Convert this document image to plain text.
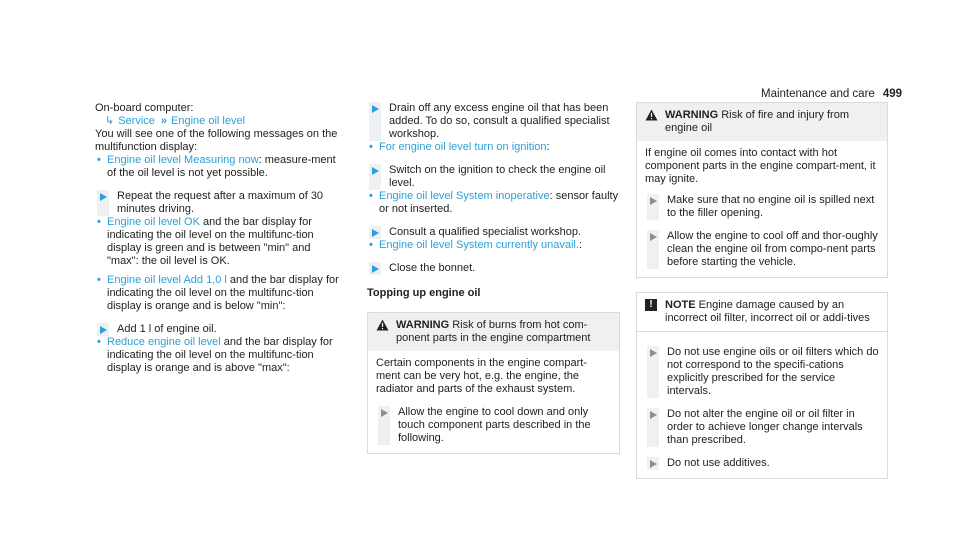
Maintenance and care 499
On-board computer:
↳ Service » Engine oil level
You will see one of the following messages on the multifunction display:
• Engine oil level Measuring now: measure-ment of the oil level is not yet possible.
Repeat the request after a maximum of 30 minutes driving.
• Engine oil level OK and the bar display for indicating the oil level on the multifunc-tion display is green and is between "min" and "max": the oil level is OK.
• Engine oil level Add 1,0 l and the bar display for indicating the oil level on the multifunc-tion display is orange and is below "min":
Add 1 l of engine oil.
• Reduce engine oil level and the bar display for indicating the oil level on the multifunc-tion display is orange and is above "max":
Drain off any excess engine oil that has been added. To do so, consult a qualified specialist workshop.
• For engine oil level turn on ignition:
Switch on the ignition to check the engine oil level.
• Engine oil level System inoperative: sensor faulty or not inserted.
Consult a qualified specialist workshop.
• Engine oil level System currently unavail.:
Close the bonnet.
Topping up engine oil
WARNING Risk of burns from hot com-ponent parts in the engine compartment
Certain components in the engine compart-ment can be very hot, e.g. the engine, the radiator and parts of the exhaust system.
Allow the engine to cool down and only touch component parts described in the following.
WARNING Risk of fire and injury from engine oil
If engine oil comes into contact with hot component parts in the engine compart-ment, it may ignite.
Make sure that no engine oil is spilled next to the filler opening.
Allow the engine to cool off and thor-oughly clean the engine oil from compo-nent parts before starting the vehicle.
!	NOTE Engine damage caused by an incorrect oil filter, incorrect oil or addi-tives
Do not use engine oils or oil filters which do not correspond to the specifi-cations explicitly prescribed for the service intervals.
Do not alter the engine oil or oil filter in order to achieve longer change intervals than prescribed.
Do not use additives.
